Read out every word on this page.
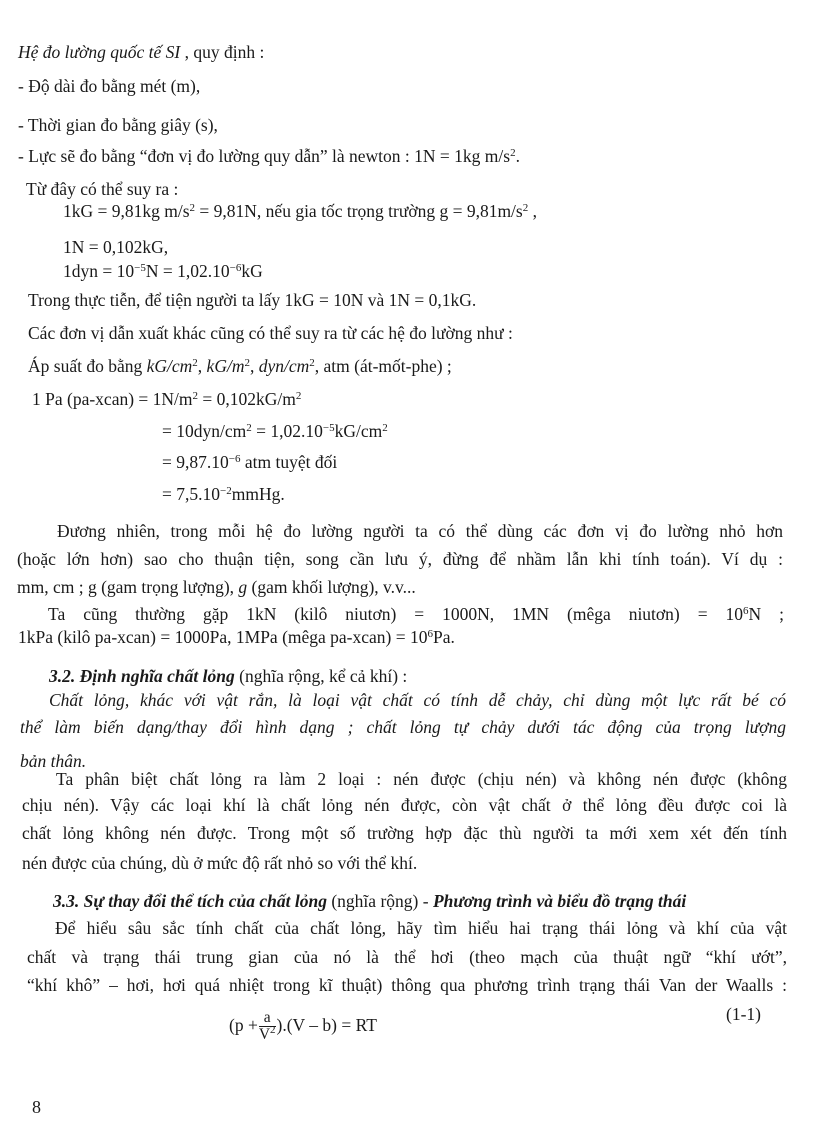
Hệ đo lường quốc tế SI , quy định :
- Độ dài đo bằng mét (m),
- Thời gian đo bằng giây (s),
- Lực sẽ đo bằng “đơn vị đo lường quy dẫn” là newton : 1N = 1kg $m/s^2$.
Từ đây có thể suy ra :
1kG = 9,81kg $m/s^2 = 9,81N$, nếu gia tốc trọng trường $g = 9,81m/s^2$ ,
1N = 0,102kG,
$1dyn = 10^{-5}N = 1,02.10^{-6}kG$
Trong thực tiễn, để tiện người ta lấy 1kG = 10N và 1N = 0,1kG.
Các đơn vị dẫn xuất khác cũng có thể suy ra từ các hệ đo lường như :
Áp suất đo bằng $kG/cm^2$, $kG/m^2$, dyn/$cm^2$, atm (át-mốt-phe) ;
1 Pa (pa-xcan) = $1N/m^2 = 0,102kG/m^2$
= $10dyn/cm^2 = 1,02.10^{-5}kG/cm^2$
= $9,87.10^{-6}$ atm tuyệt đối
= $7,5.10^{-2}mmHg$.
Đương nhiên, trong mỗi hệ đo lường người ta có thể dùng các đơn vị đo lường nhỏ hơn
(hoặc lớn hơn) sao cho thuận tiện, song cần lưu ý, đừng để nhầm lẫn khi tính toán). Ví dụ :
mm, cm ; g (gam trọng lượng), g (gam khối lượng), v.v...
Ta cũng thường gặp 1kN (kilô niutơn) = 1000N, 1MN (mêga niutơn) = $10^6N$ ;
1kPa (kilô pa-xcan) = 1000Pa, 1MPa (mêga pa-xcan) = $10^6Pa$.
3.2. Định nghĩa chất lỏng (nghĩa rộng, kể cả khí) :
Chất lỏng, khác với vật rắn, là loại vật chất có tính dễ chảy, chỉ dùng một lực rất bé có
thể làm biến dạng/thay đổi hình dạng ; chất lỏng tự chảy dưới tác động của trọng lượng
bản thân.
Ta phân biệt chất lỏng ra làm 2 loại : nén được (chịu nén) và không nén được (không
chịu nén). Vậy các loại khí là chất lỏng nén được, còn vật chất ở thể lỏng đều được coi là
chất lỏng không nén được. Trong một số trường hợp đặc thù người ta mới xem xét đến tính
nén được của chúng, dù ở mức độ rất nhỏ so với thể khí.
3.3. Sự thay đổi thể tích của chất lỏng (nghĩa rộng) - Phương trình và biểu đồ trạng thái
Để hiểu sâu sắc tính chất của chất lỏng, hãy tìm hiểu hai trạng thái lỏng và khí của vật
chất và trạng thái trung gian của nó là thể hơi (theo mạch của thuật ngữ “khí ướt”,
“khí khô” – hơi, hơi quá nhiệt trong kĩ thuật) thông qua phương trình trạng thái Van der Waalls :
$(p + \frac{a}{V^2} ).(V - b)$ = RT
(1-1)
8
